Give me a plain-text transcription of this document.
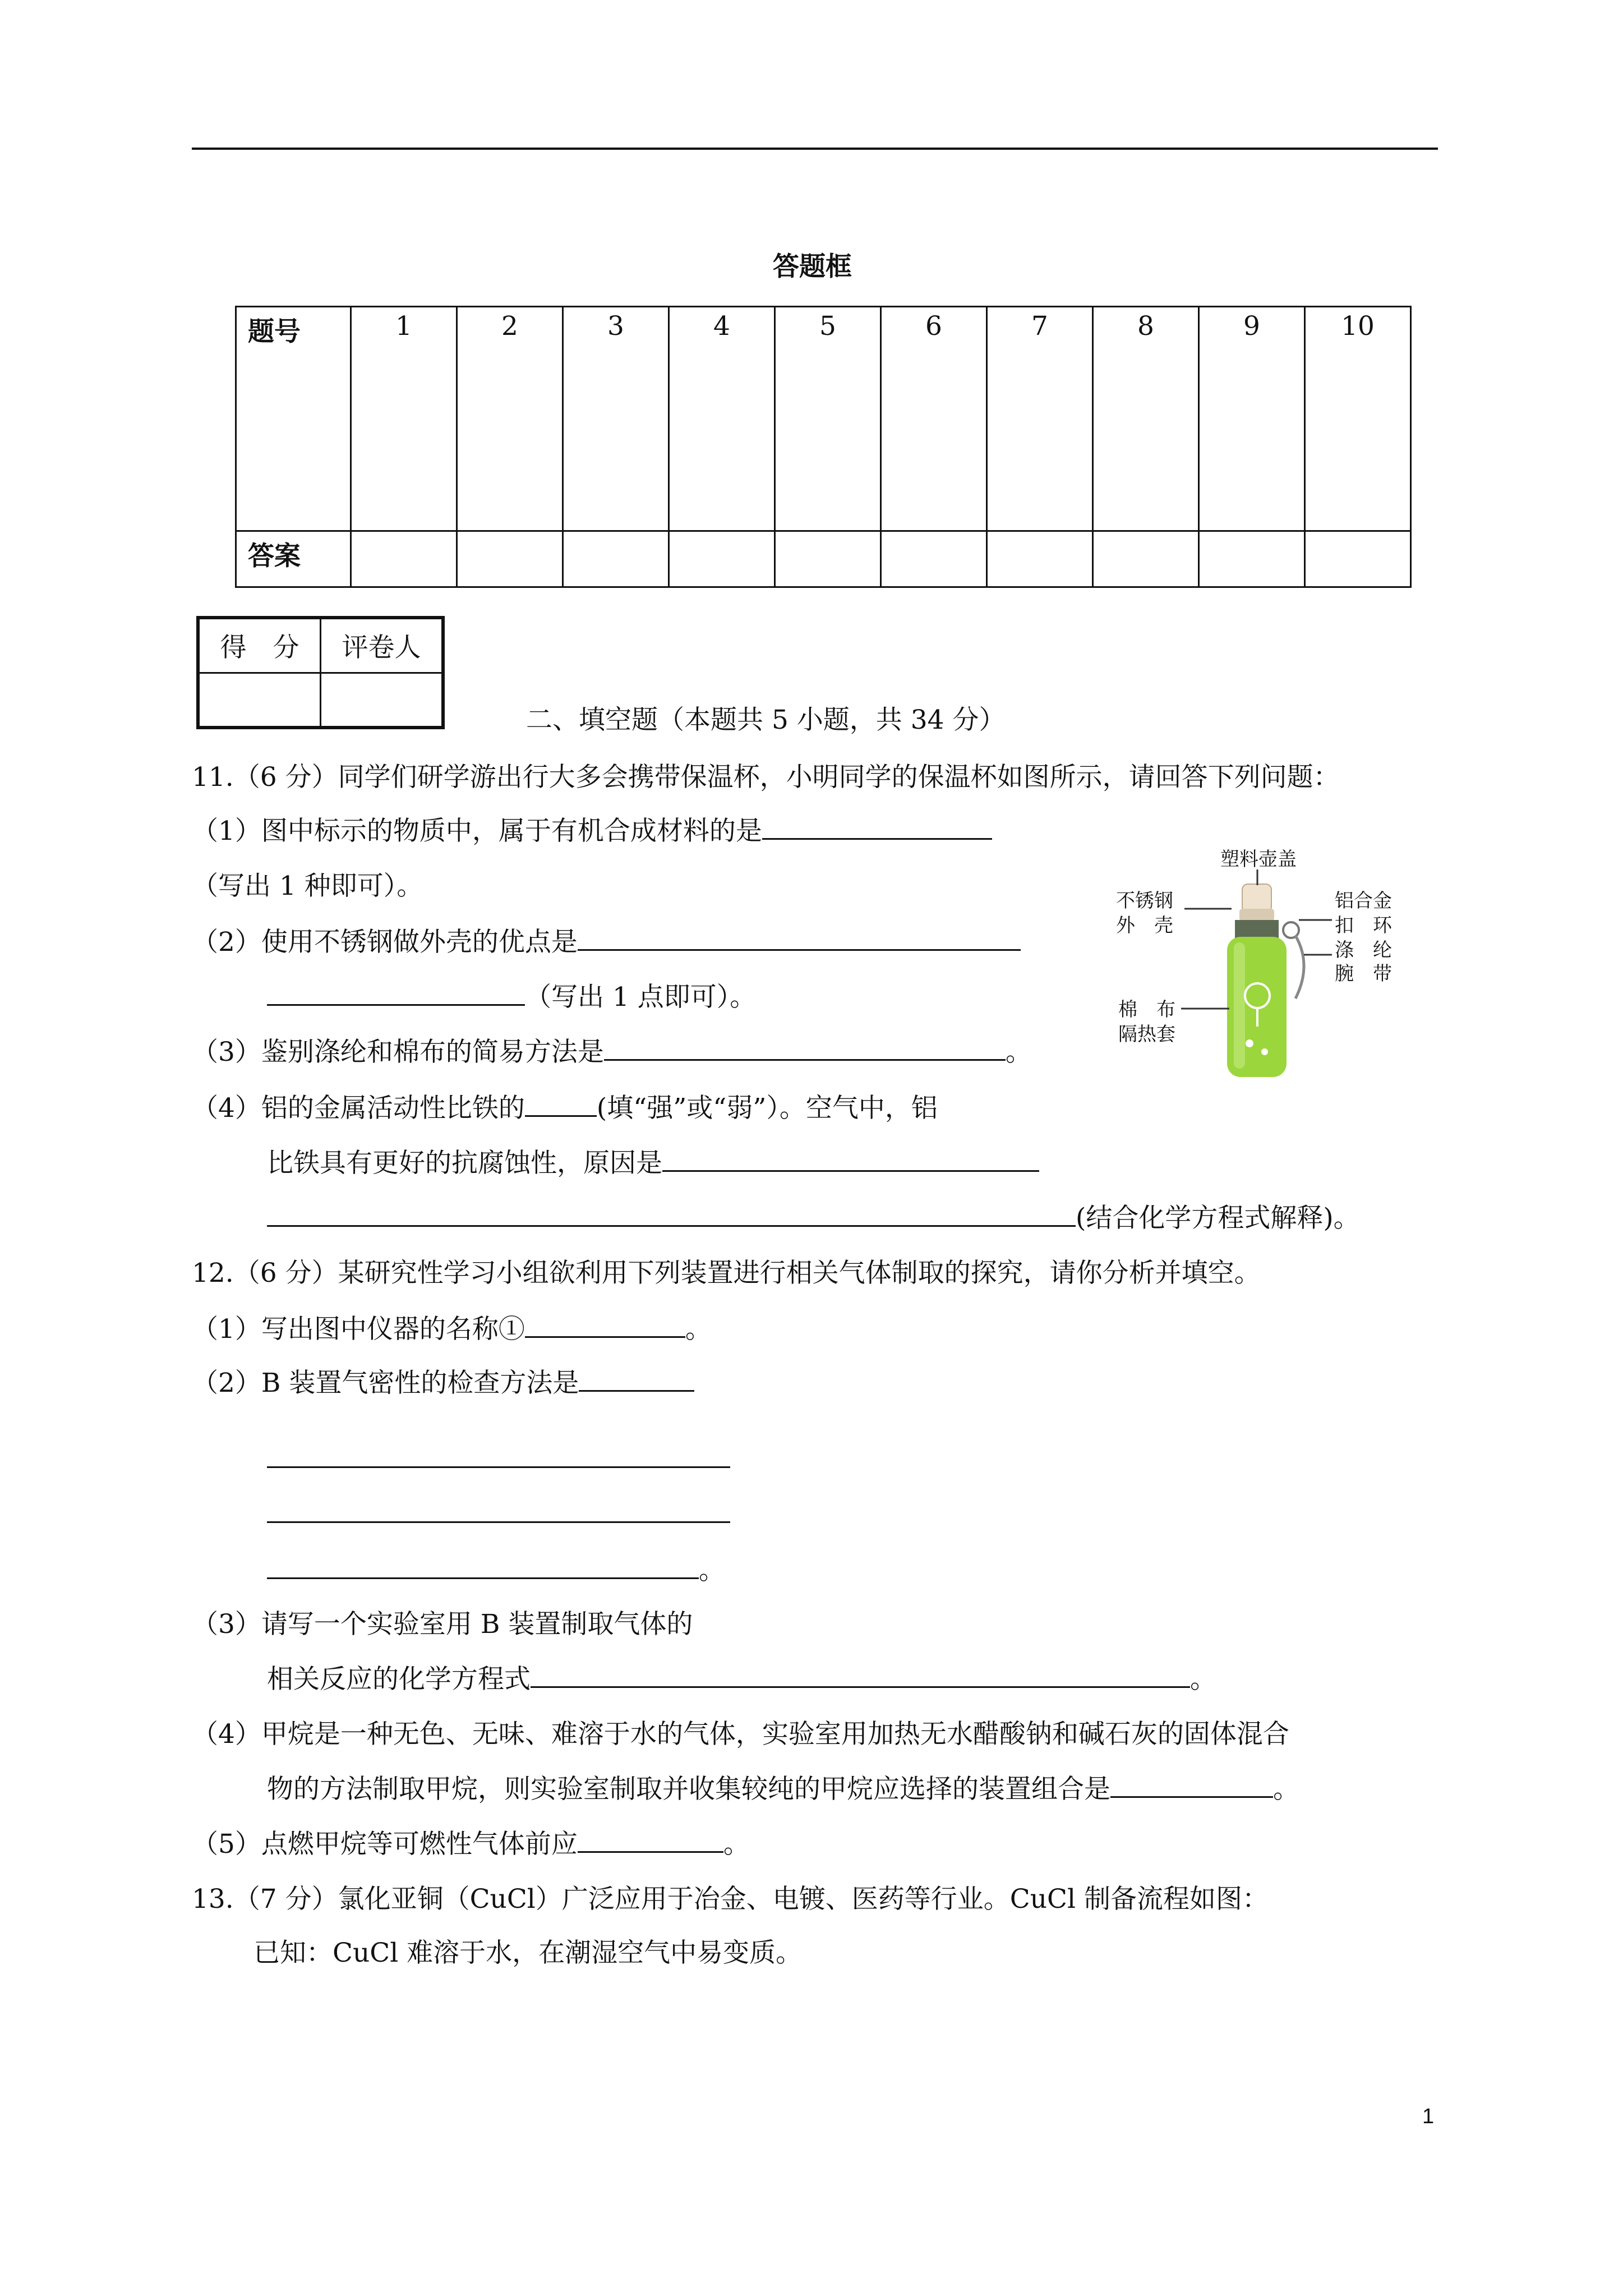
答题框
题号	1	2	3	4	5	6	7	8	9	10
答案										
得　分	评卷人

二、填空题（本题共 5 小题，共 34 分）
11.（6 分）同学们研学游出行大多会携带保温杯，小明同学的保温杯如图所示，请回答下列问题：
（1）图中标示的物质中，属于有机合成材料的是
（写出 1 种即可）。
（2）使用不锈钢做外壳的优点是
（写出 1 点即可）。
（3）鉴别涤纶和棉布的简易方法是	。
（4）铝的金属活动性比铁的	(填“强”或“弱”）。空气中，铝
比铁具有更好的抗腐蚀性，原因是
(结合化学方程式解释)。
塑料壶盖
不锈钢
外　壳
铝合金
扣　环
涤　纶
腕　带
棉　布
隔热套
12.（6 分）某研究性学习小组欲利用下列装置进行相关气体制取的探究，请你分析并填空。
（1）写出图中仪器的名称①	。
（2）B 装置气密性的检查方法是
。
（3）请写一个实验室用 B 装置制取气体的
相关反应的化学方程式	。
（4）甲烷是一种无色、无味、难溶于水的气体，实验室用加热无水醋酸钠和碱石灰的固体混合
物的方法制取甲烷，则实验室制取并收集较纯的甲烷应选择的装置组合是	。
（5）点燃甲烷等可燃性气体前应	。
13.（7 分）氯化亚铜（CuCl）广泛应用于冶金、电镀、医药等行业。CuCl 制备流程如图：
已知：CuCl 难溶于水，在潮湿空气中易变质。
1
